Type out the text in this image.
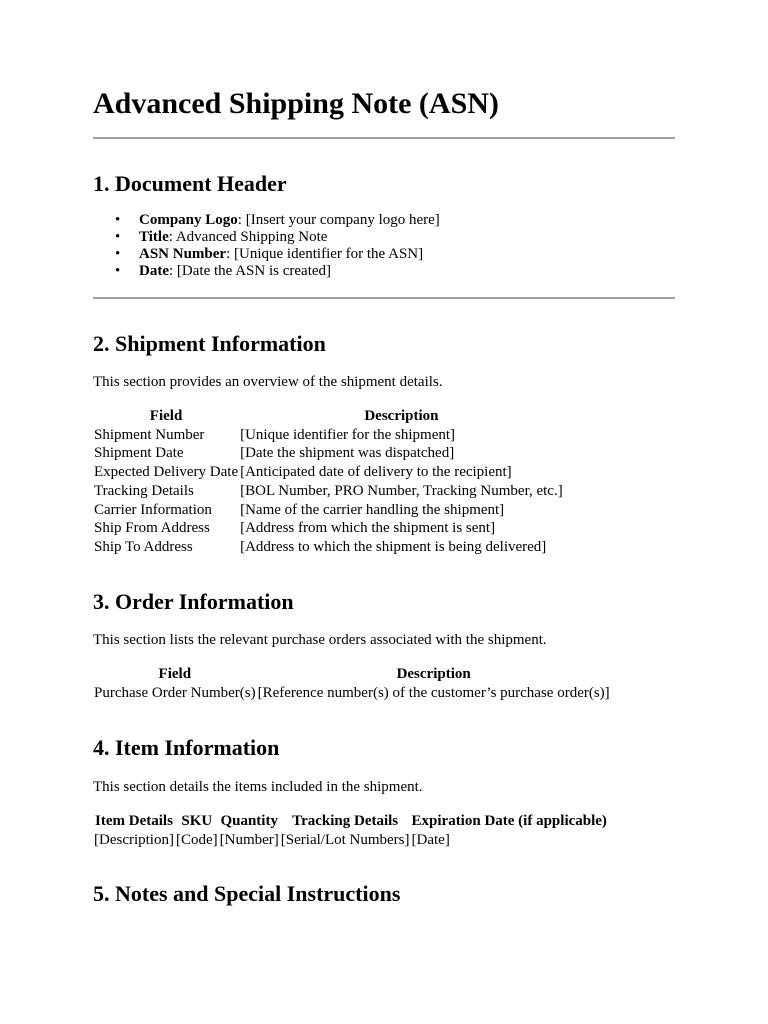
Advanced Shipping Note (ASN)
1. Document Header
• Company Logo: [Insert your company logo here]
• Title: Advanced Shipping Note
• ASN Number: [Unique identifier for the ASN]
• Date: [Date the ASN is created]
2. Shipment Information

This section provides an overview of the shipment details.

Field	Description
Shipment Number	[Unique identifier for the shipment]
Shipment Date	[Date the shipment was dispatched]
Expected Delivery Date	[Anticipated date of delivery to the recipient]
Tracking Details	[BOL Number, PRO Number, Tracking Number, etc.]
Carrier Information	[Name of the carrier handling the shipment]
Ship From Address	[Address from which the shipment is sent]
Ship To Address	[Address to which the shipment is being delivered]
3. Order Information

This section lists the relevant purchase orders associated with the shipment.

Field	Description
Purchase Order Number(s)	[Reference number(s) of the customer’s purchase order(s)]
4. Item Information

This section details the items included in the shipment.

Item Details	SKU	Quantity	Tracking Details	Expiration Date (if applicable)
[Description]	[Code]	[Number]	[Serial/Lot Numbers]	[Date]
5. Notes and Special Instructions
